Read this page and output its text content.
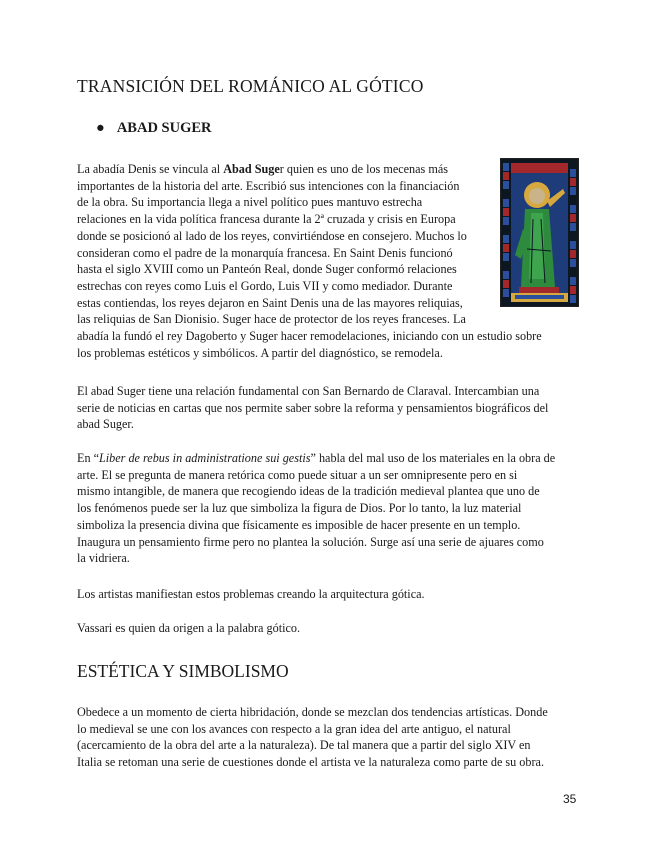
TRANSICIÓN DEL ROMÁNICO AL GÓTICO
● ABAD SUGER
La abadía Denis se vincula al Abad Suger quien es uno de los mecenas más
importantes de la historia del arte. Escribió sus intenciones con la financiación
de la obra. Su importancia llega a nivel político pues mantuvo estrecha
relaciones en la vida política francesa durante la 2ª cruzada y crisis en Europa
donde se posicionó al lado de los reyes, convirtiéndose en consejero. Muchos lo
consideran como el padre de la monarquía francesa. En Saint Denis funcionó
hasta el siglo XVIII como un Panteón Real, donde Suger conformó relaciones
estrechas con reyes como Luis el Gordo, Luis VII y como mediador. Durante
estas contiendas, los reyes dejaron en Saint Denis una de las mayores reliquias,
las reliquias de San Dionisio. Suger hace de protector de los reyes franceses. La
abadía la fundó el rey Dagoberto y Suger hacer remodelaciones, iniciando con un estudio sobre
los problemas estéticos y simbólicos. A partir del diagnóstico, se remodela.
El abad Suger tiene una relación fundamental con San Bernardo de Claraval. Intercambian una
serie de noticias en cartas que nos permite saber sobre la reforma y pensamientos biográficos del
abad Suger.
En “Liber de rebus in administratione sui gestis” habla del mal uso de los materiales en la obra de
arte. El se pregunta de manera retórica como puede situar a un ser omnipresente pero en si
mismo intangible, de manera que recogiendo ideas de la tradición medieval plantea que uno de
los fenómenos puede ser la luz que simboliza la figura de Dios. Por lo tanto, la luz material
simboliza la presencia divina que físicamente es imposible de hacer presente en un templo.
Inaugura un pensamiento firme pero no plantea la solución. Surge así una serie de ajuares como
la vidriera.
Los artistas manifiestan estos problemas creando la arquitectura gótica.
Vassari es quien da origen a la palabra gótico.
ESTÉTICA Y SIMBOLISMO
Obedece a un momento de cierta hibridación, donde se mezclan dos tendencias artísticas. Donde
lo medieval se une con los avances con respecto a la gran idea del arte antiguo, el natural
(acercamiento de la obra del arte a la naturaleza). De tal manera que a partir del siglo XIV en
Italia se retoman una serie de cuestiones donde el artista ve la naturaleza como parte de su obra.
35
